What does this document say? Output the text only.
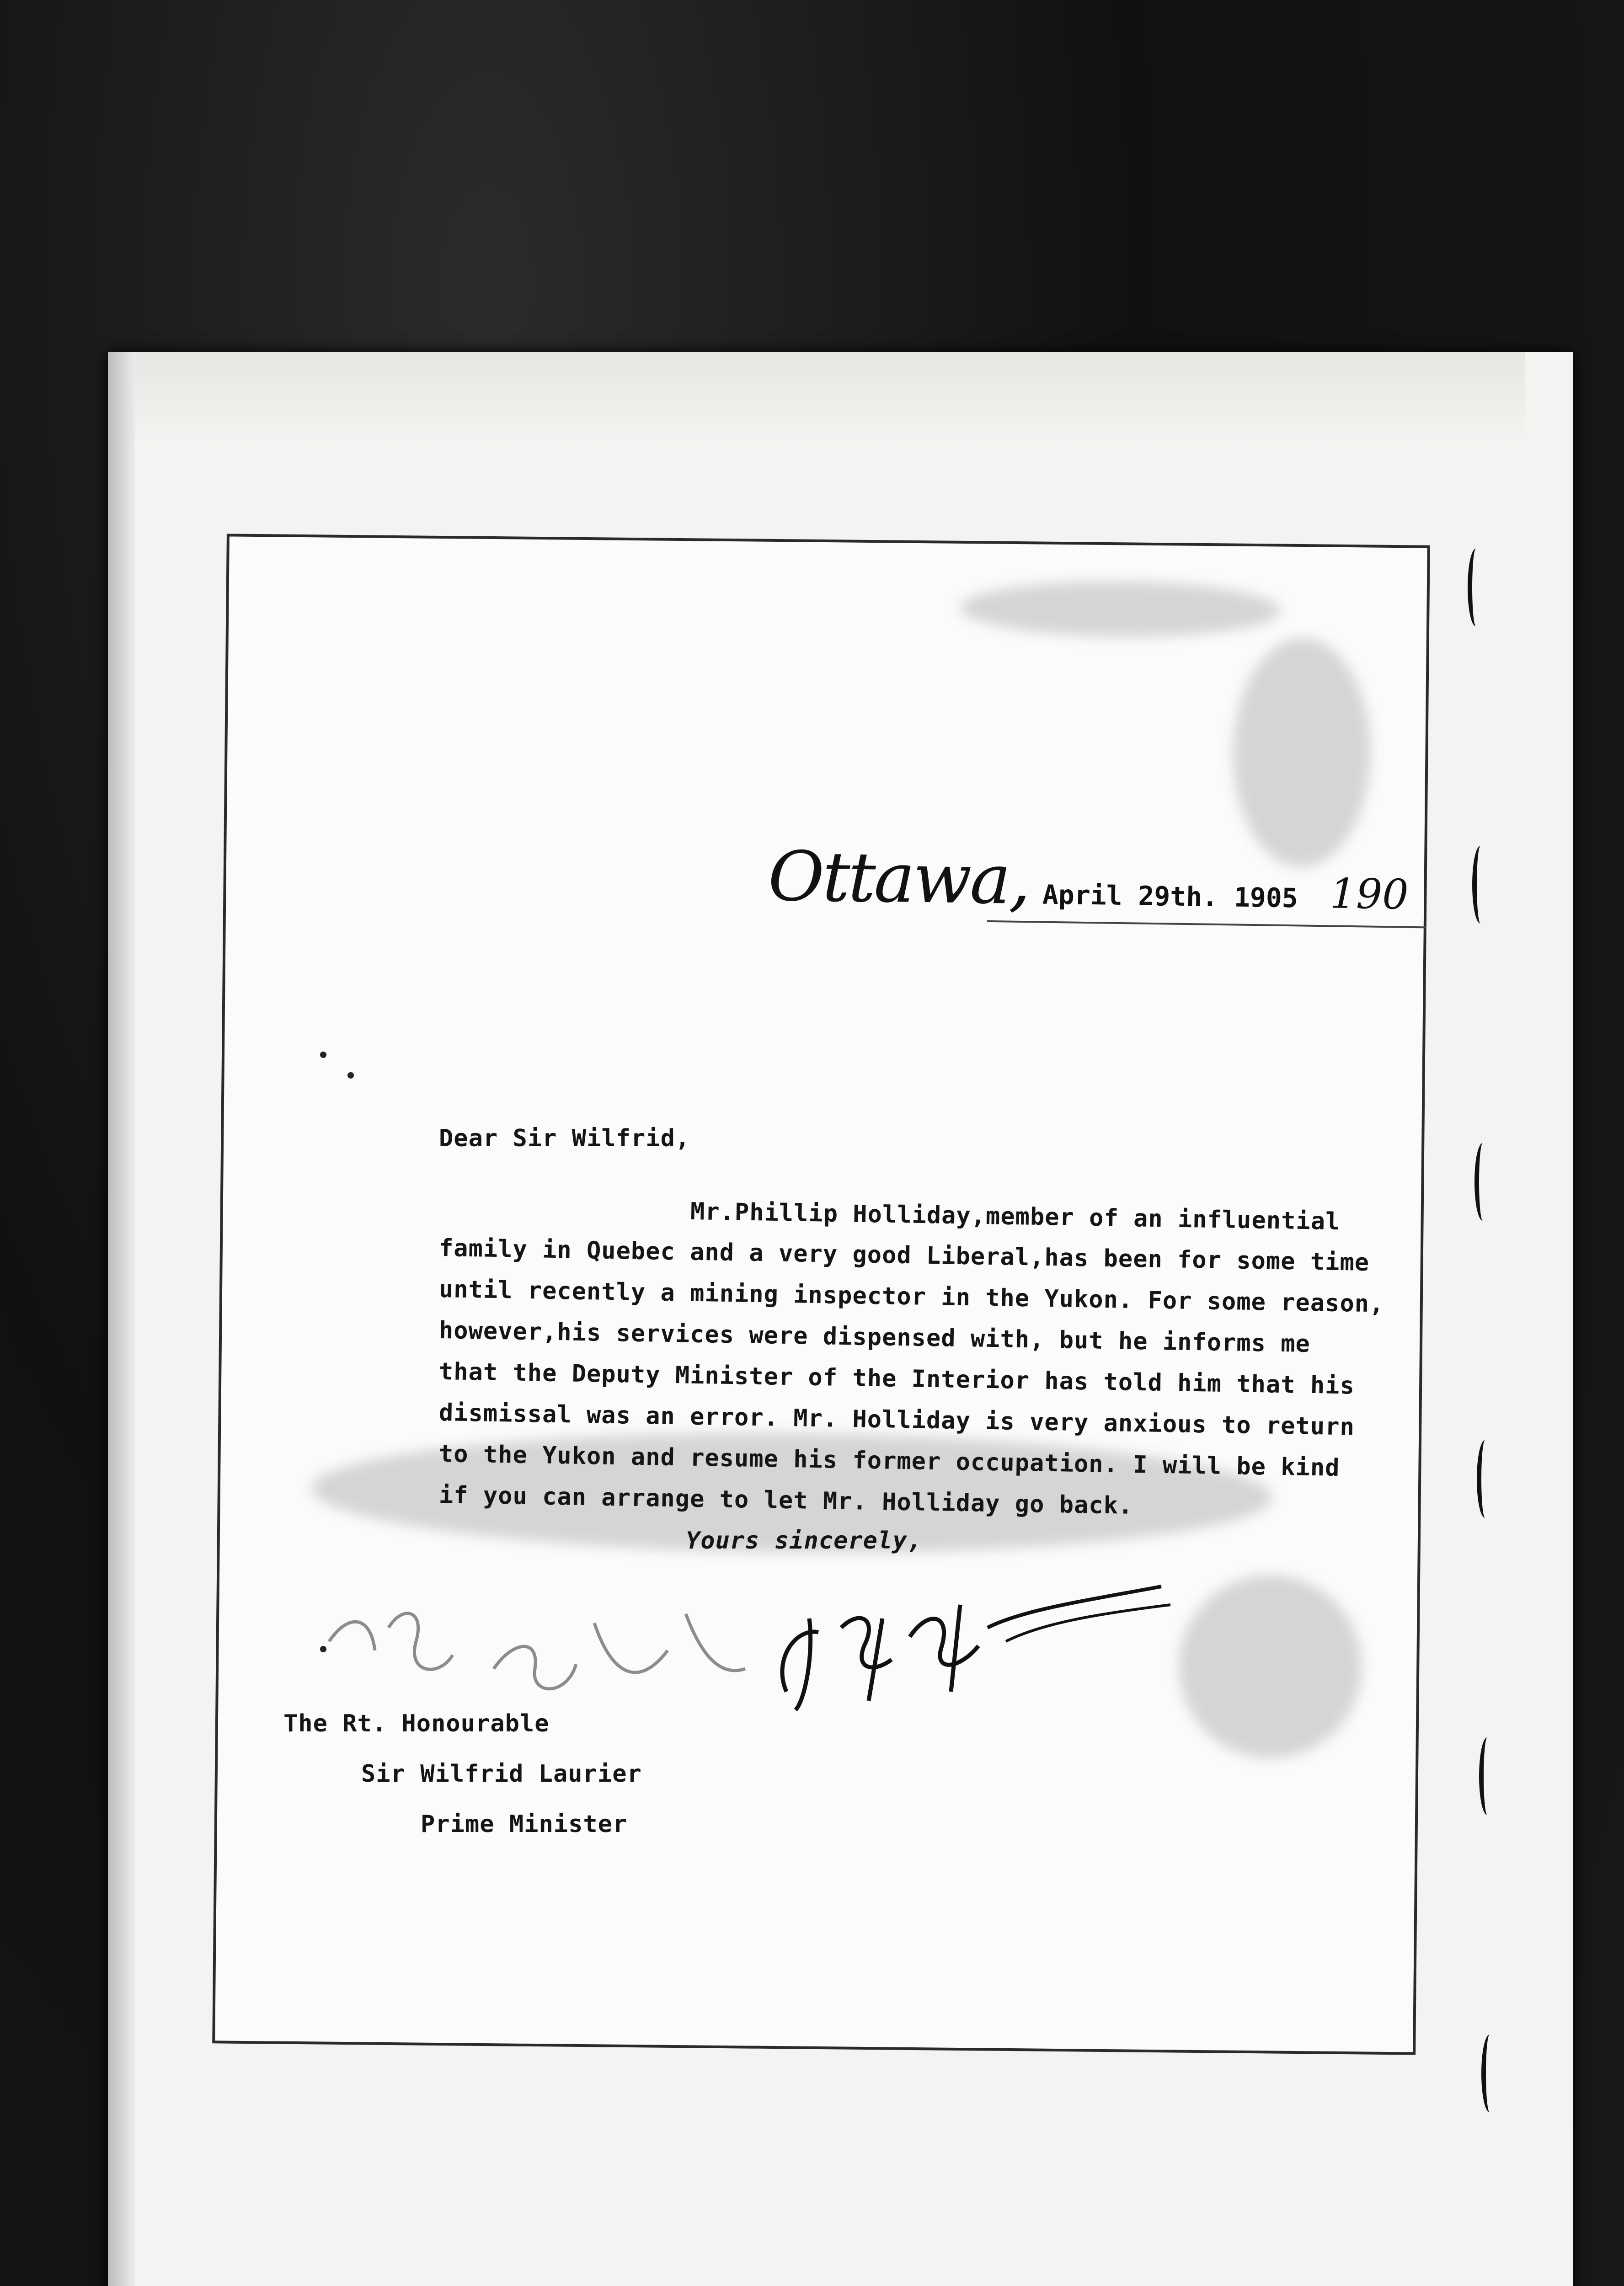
Ottawa, April 29th. 1905 190
Dear Sir Wilfrid,
Mr.Phillip Holliday,member of an influential
family in Quebec and a very good Liberal,has been for some time
until recently a mining inspector in the Yukon. For some reason,
however,his services were dispensed with, but he informs me
that the Deputy Minister of the Interior has told him that his
dismissal was an error. Mr. Holliday is very anxious to return
to the Yukon and resume his former occupation. I will be kind
if you can arrange to let Mr. Holliday go back.
Yours sincerely,
The Rt. Honourable
Sir Wilfrid Laurier
Prime Minister
